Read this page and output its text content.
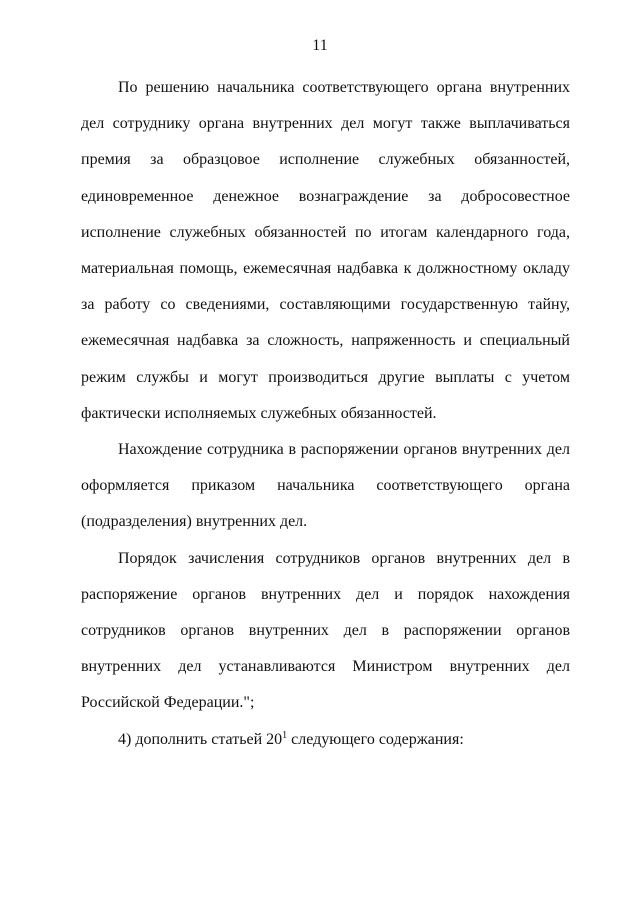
11

По решению начальника соответствующего органа внутренних дел сотруднику органа внутренних дел могут также выплачиваться премия за образцовое исполнение служебных обязанностей, единовременное денежное вознаграждение за добросовестное исполнение служебных обязанностей по итогам календарного года, материальная помощь, ежемесячная надбавка к должностному окладу за работу со сведениями, составляющими государственную тайну, ежемесячная надбавка за сложность, напряженность и специальный режим службы и могут производиться другие выплаты с учетом фактически исполняемых служебных обязанностей.

Нахождение сотрудника в распоряжении органов внутренних дел оформляется приказом начальника соответствующего органа (подразделения) внутренних дел.

Порядок зачисления сотрудников органов внутренних дел в распоряжение органов внутренних дел и порядок нахождения сотрудников органов внутренних дел в распоряжении органов внутренних дел устанавливаются Министром внутренних дел Российской Федерации.";

4) дополнить статьей $20^1$ следующего содержания:
